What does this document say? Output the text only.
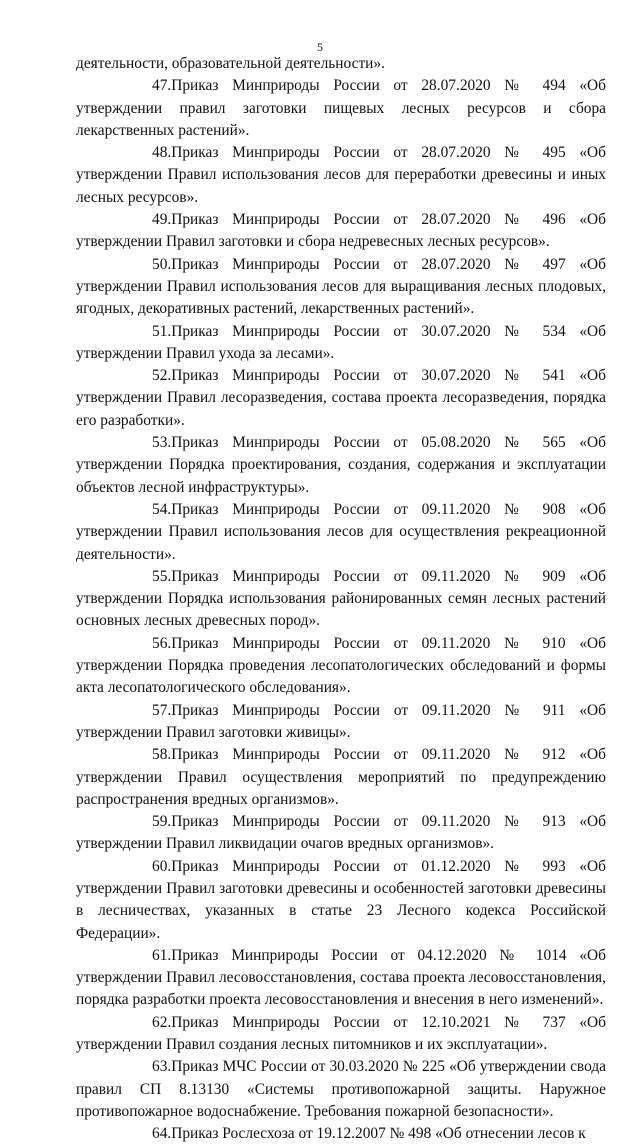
5

деятельности, образовательной деятельности».

47.Приказ Минприроды России от 28.07.2020 № 494 «Об утверждении правил заготовки пищевых лесных ресурсов и сбора лекарственных растений».

48.Приказ Минприроды России от 28.07.2020 № 495 «Об утверждении Правил использования лесов для переработки древесины и иных лесных ресурсов».

49.Приказ Минприроды России от 28.07.2020 № 496 «Об утверждении Правил заготовки и сбора недревесных лесных ресурсов».

50.Приказ Минприроды России от 28.07.2020 № 497 «Об утверждении Правил использования лесов для выращивания лесных плодовых, ягодных, декоративных растений, лекарственных растений».

51.Приказ Минприроды России от 30.07.2020 № 534 «Об утверждении Правил ухода за лесами».

52.Приказ Минприроды России от 30.07.2020 № 541 «Об утверждении Правил лесоразведения, состава проекта лесоразведения, порядка его разработки».

53.Приказ Минприроды России от 05.08.2020 № 565 «Об утверждении Порядка проектирования, создания, содержания и эксплуатации объектов лесной инфраструктуры».

54.Приказ Минприроды России от 09.11.2020 № 908 «Об утверждении Правил использования лесов для осуществления рекреационной деятельности».

55.Приказ Минприроды России от 09.11.2020 № 909 «Об утверждении Порядка использования районированных семян лесных растений основных лесных древесных пород».

56.Приказ Минприроды России от 09.11.2020 № 910 «Об утверждении Порядка проведения лесопатологических обследований и формы акта лесопатологического обследования».

57.Приказ Минприроды России от 09.11.2020 № 911 «Об утверждении Правил заготовки живицы».

58.Приказ Минприроды России от 09.11.2020 № 912 «Об утверждении Правил осуществления мероприятий по предупреждению распространения вредных организмов».

59.Приказ Минприроды России от 09.11.2020 № 913 «Об утверждении Правил ликвидации очагов вредных организмов».

60.Приказ Минприроды России от 01.12.2020 № 993 «Об утверждении Правил заготовки древесины и особенностей заготовки древесины в лесничествах, указанных в статье 23 Лесного кодекса Российской Федерации».

61.Приказ Минприроды России от 04.12.2020 № 1014 «Об утверждении Правил лесовосстановления, состава проекта лесовосстановления, порядка разработки проекта лесовосстановления и внесения в него изменений».

62.Приказ Минприроды России от 12.10.2021 № 737 «Об утверждении Правил создания лесных питомников и их эксплуатации».

63.Приказ МЧС России от 30.03.2020 № 225 «Об утверждении свода правил СП 8.13130 «Системы противопожарной защиты. Наружное противопожарное водоснабжение. Требования пожарной безопасности».

64.Приказ Рослесхоза от 19.12.2007 № 498 «Об отнесении лесов к
